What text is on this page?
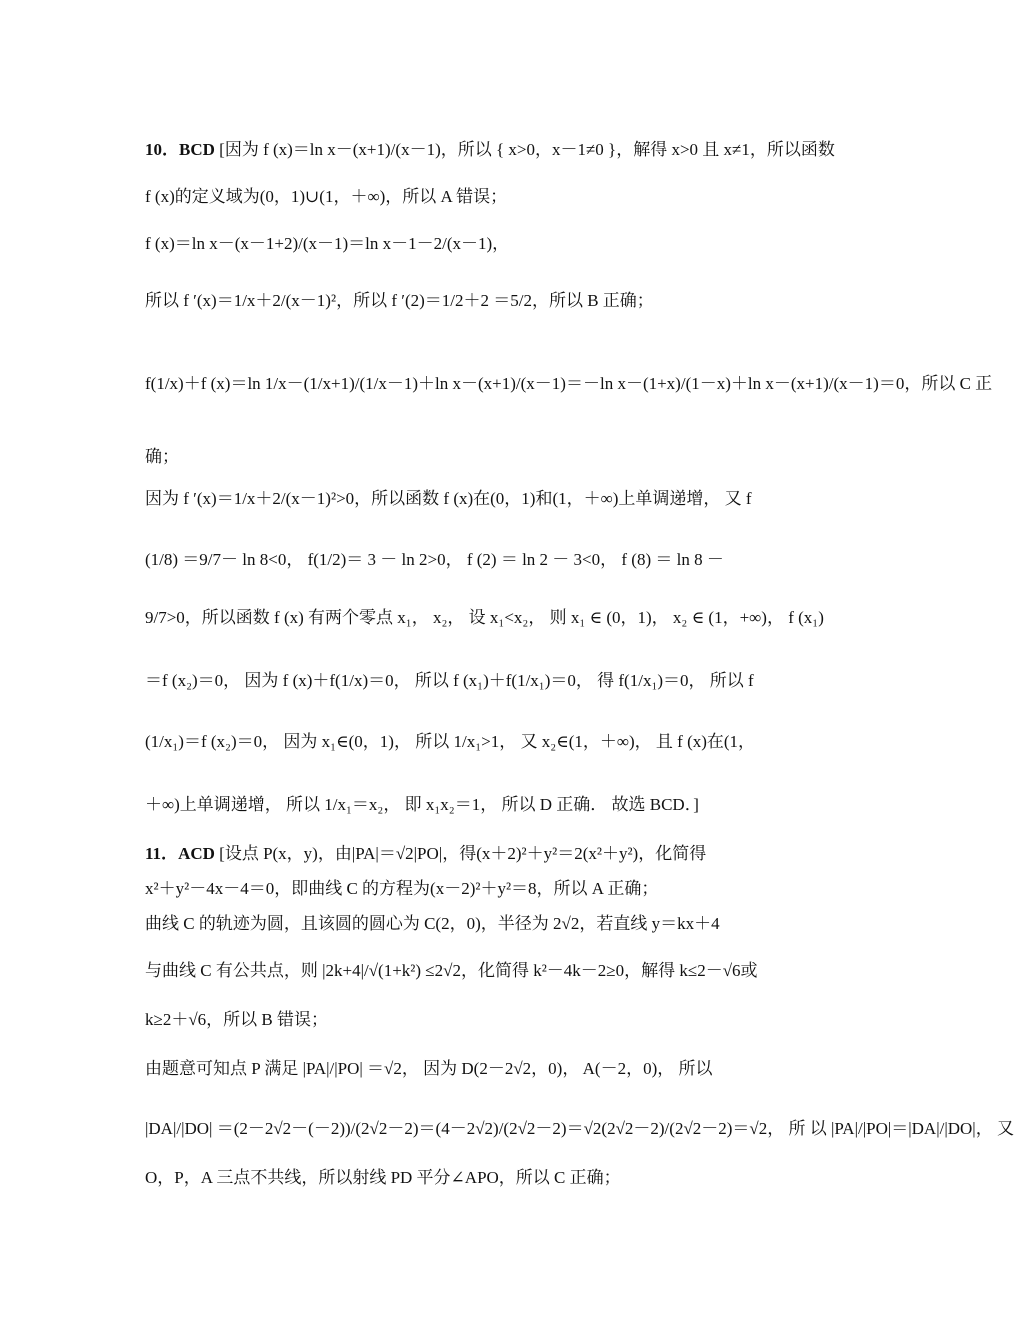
10．BCD [因为 f (x)＝ln x－(x+1)/(x－1)，所以 { x>0，x－1≠0 }，解得 x>0 且 x≠1，所以函数
f (x)的定义域为(0，1)∪(1，＋∞)，所以 A 错误；
f (x)＝ln x－(x－1+2)/(x－1)＝ln x－1－2/(x－1)，
所以 f ′(x)＝1/x＋2/(x－1)²，所以 f ′(2)＝1/2＋2 ＝5/2，所以 B 正确；
f(1/x)＋f (x)＝ln 1/x－(1/x+1)/(1/x－1)＋ln x－(x+1)/(x－1)＝－ln x－(1+x)/(1－x)＋ln x－(x+1)/(x－1)＝0，所以 C 正
确；
因为 f ′(x)＝1/x＋2/(x－1)²>0，所以函数 f (x)在(0，1)和(1，＋∞)上单调递增， 又 f
(1/8) ＝9/7－ ln 8<0， f(1/2)＝ 3 － ln 2>0， f (2) ＝ ln 2 － 3<0， f (8) ＝ ln 8 －
9/7>0，所以函数 f (x) 有两个零点 x₁， x₂， 设 x₁<x₂， 则 x₁ ∈ (0，1)， x₂ ∈ (1，+∞)， f (x₁)
＝f (x₂)＝0， 因为 f (x)＋f(1/x)＝0， 所以 f (x₁)＋f(1/x₁)＝0， 得 f(1/x₁)＝0， 所以 f
(1/x₁)＝f (x₂)＝0， 因为 x₁∈(0，1)， 所以 1/x₁>1， 又 x₂∈(1，＋∞)， 且 f (x)在(1，
＋∞)上单调递增， 所以 1/x₁＝x₂， 即 x₁x₂＝1， 所以 D 正确． 故选 BCD．]
11．ACD [设点 P(x，y)，由|PA|＝√2|PO|，得(x＋2)²＋y²＝2(x²＋y²)，化简得
x²＋y²－4x－4＝0，即曲线 C 的方程为(x－2)²＋y²＝8，所以 A 正确；
曲线 C 的轨迹为圆，且该圆的圆心为 C(2，0)，半径为 2√2，若直线 y＝kx＋4
与曲线 C 有公共点，则 |2k+4|/√(1+k²) ≤2√2，化简得 k²－4k－2≥0，解得 k≤2－√6或
k≥2＋√6，所以 B 错误；
由题意可知点 P 满足 |PA|/|PO| ＝√2， 因为 D(2－2√2，0)， A(－2，0)， 所以
|DA|/|DO| ＝(2－2√2－(－2))/(2√2－2)＝(4－2√2)/(2√2－2)＝√2(2√2－2)/(2√2－2)＝√2， 所 以 |PA|/|PO|＝|DA|/|DO|， 又
O，P，A 三点不共线，所以射线 PD 平分∠APO，所以 C 正确；
